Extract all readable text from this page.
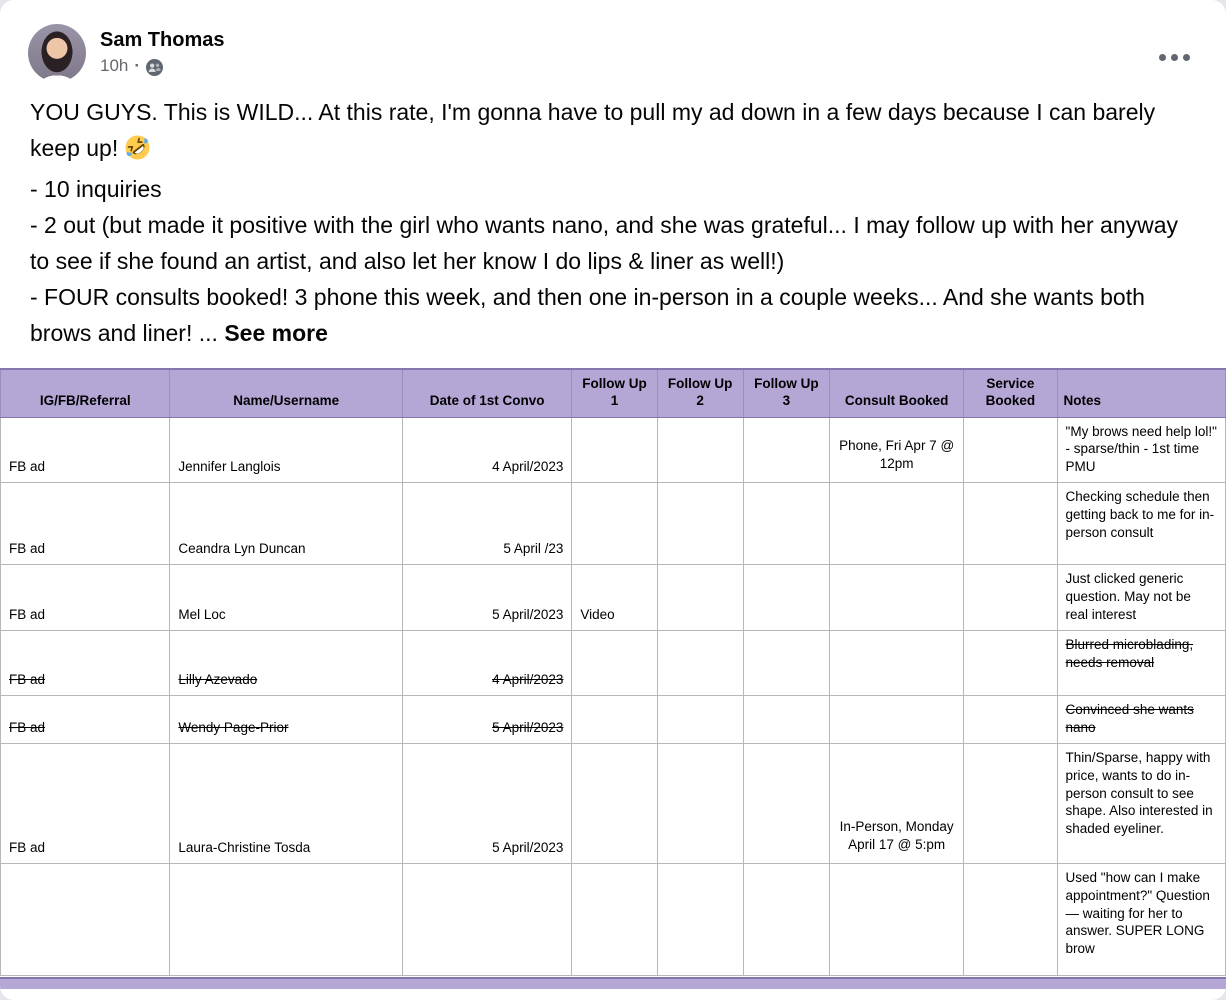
Sam Thomas
10h ·

YOU GUYS. This is WILD... At this rate, I'm gonna have to pull my ad down in a few days because I can barely keep up!

- 10 inquiries

- 2 out (but made it positive with the girl who wants nano, and she was grateful... I may follow up with her anyway to see if she found an artist, and also let her know I do lips & liner as well!)

- FOUR consults booked! 3 phone this week, and then one in-person in a couple weeks... And she wants both brows and liner! ... See more

IG/FB/Referral	Name/Username	Date of 1st Convo	Follow Up 1	Follow Up 2	Follow Up 3	Consult Booked	Service Booked	Notes
FB ad	Jennifer Langlois	4 April/2023				Phone, Fri Apr 7 @ 12pm		"My brows need help lol!" - sparse/thin - 1st time PMU
FB ad	Ceandra Lyn Duncan	5 April /23						Checking schedule then getting back to me for in-person consult
FB ad	Mel Loc	5 April/2023	Video					Just clicked generic question. May not be real interest
FB ad	Lilly Azevado	4 April/2023						Blurred microblading, needs removal
FB ad	Wendy Page-Prior	5 April/2023						Convinced she wants nano
FB ad	Laura-Christine Tosda	5 April/2023				In-Person, Monday April 17 @ 5:pm		Thin/Sparse, happy with price, wants to do in-person consult to see shape. Also interested in shaded eyeliner.
								Used "how can I make appointment?" Question — waiting for her to answer. SUPER LONG brow
